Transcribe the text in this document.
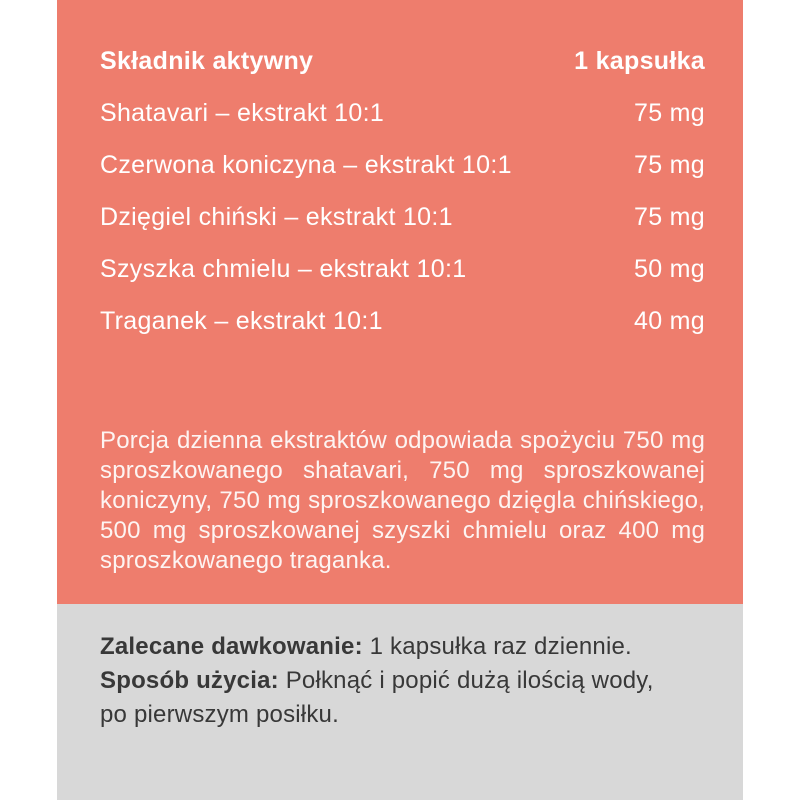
Składnik aktywny	1 kapsułka
Shatavari – ekstrakt 10:1	75 mg
Czerwona koniczyna – ekstrakt 10:1	75 mg
Dzięgiel chiński – ekstrakt 10:1	75 mg
Szyszka chmielu – ekstrakt 10:1	50 mg
Traganek – ekstrakt 10:1	40 mg
Porcja dzienna ekstraktów odpowiada spożyciu 750 mg
sproszkowanego shatavari, 750 mg sproszkowanej
koniczyny, 750 mg sproszkowanego dzięgla chińskiego,
500 mg sproszkowanej szyszki chmielu oraz 400 mg
sproszkowanego traganka.
Zalecane dawkowanie: 1 kapsułka raz dziennie.
Sposób użycia: Połknąć i popić dużą ilością wody,
po pierwszym posiłku.
